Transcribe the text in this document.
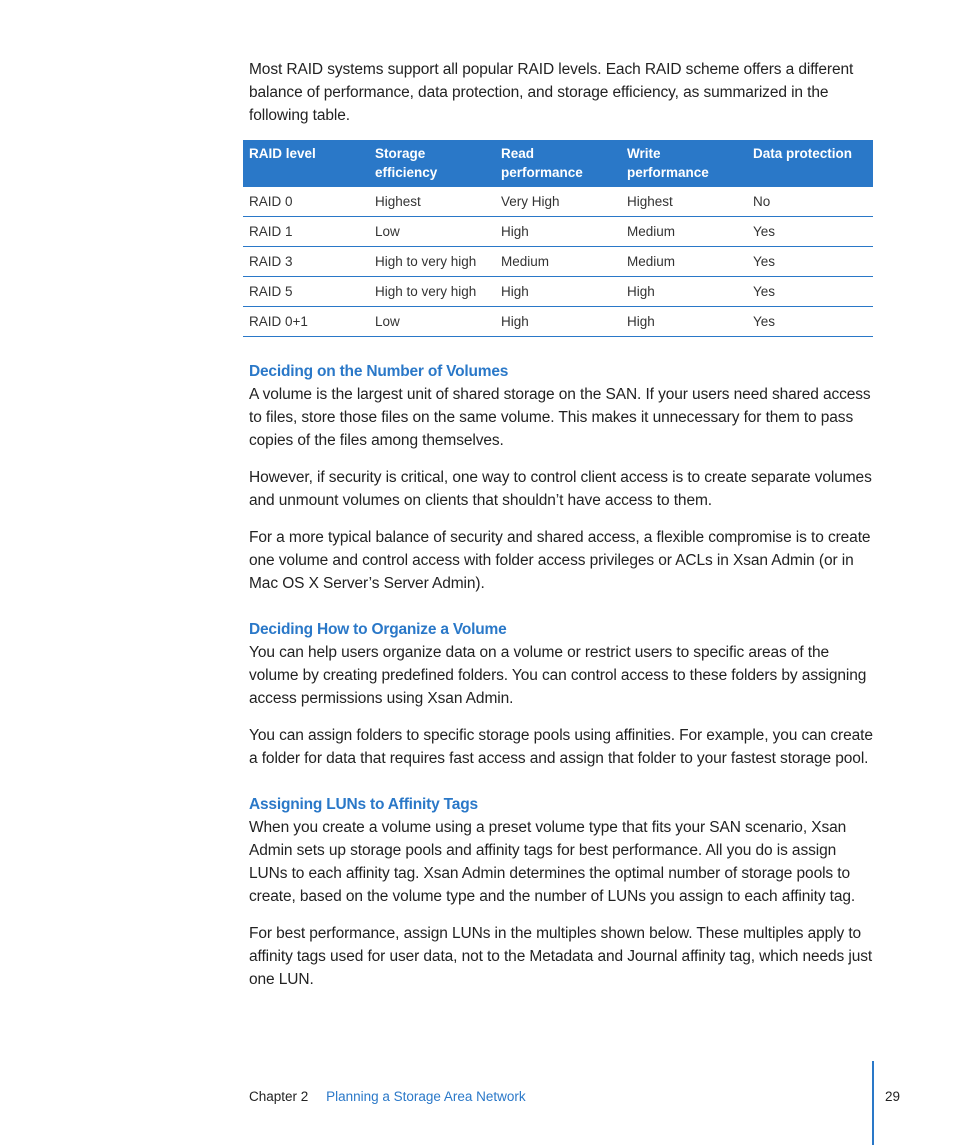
Most RAID systems support all popular RAID levels. Each RAID scheme offers a different balance of performance, data protection, and storage efficiency, as summarized in the following table.

RAID level	Storage efficiency	Read performance	Write performance	Data protection
RAID 0	Highest	Very High	Highest	No
RAID 1	Low	High	Medium	Yes
RAID 3	High to very high	Medium	Medium	Yes
RAID 5	High to very high	High	High	Yes
RAID 0+1	Low	High	High	Yes
Deciding on the Number of Volumes

A volume is the largest unit of shared storage on the SAN. If your users need shared access to files, store those files on the same volume. This makes it unnecessary for them to pass copies of the files among themselves.

However, if security is critical, one way to control client access is to create separate volumes and unmount volumes on clients that shouldn’t have access to them.

For a more typical balance of security and shared access, a flexible compromise is to create one volume and control access with folder access privileges or ACLs in Xsan Admin (or in Mac OS X Server’s Server Admin).

Deciding How to Organize a Volume

You can help users organize data on a volume or restrict users to specific areas of the volume by creating predefined folders. You can control access to these folders by assigning access permissions using Xsan Admin.

You can assign folders to specific storage pools using affinities. For example, you can create a folder for data that requires fast access and assign that folder to your fastest storage pool.

Assigning LUNs to Affinity Tags

When you create a volume using a preset volume type that fits your SAN scenario, Xsan Admin sets up storage pools and affinity tags for best performance. All you do is assign LUNs to each affinity tag. Xsan Admin determines the optimal number of storage pools to create, based on the volume type and the number of LUNs you assign to each affinity tag.

For best performance, assign LUNs in the multiples shown below. These multiples apply to affinity tags used for user data, not to the Metadata and Journal affinity tag, which needs just one LUN.

Chapter 2 Planning a Storage Area Network	29
